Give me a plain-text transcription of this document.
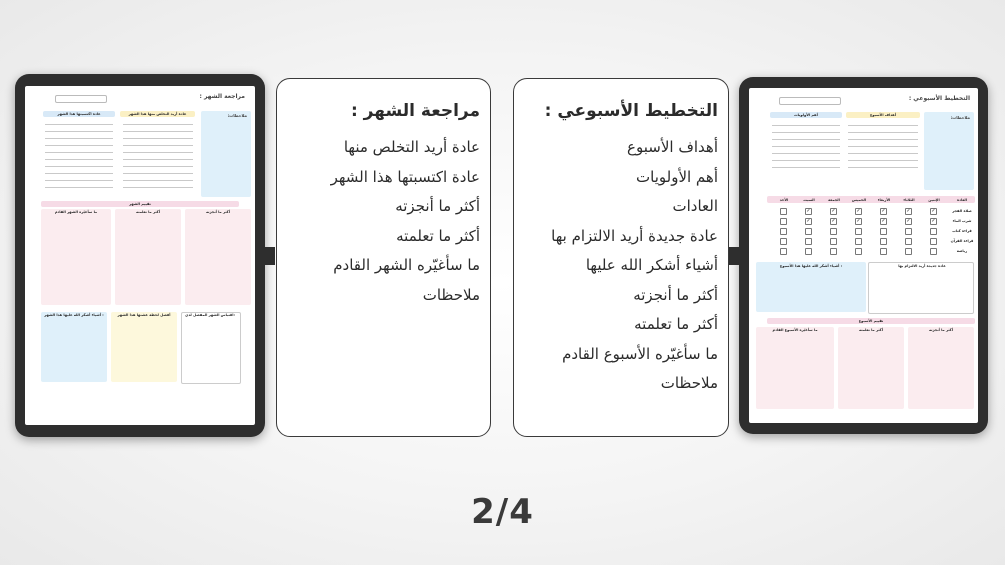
مراجعة الشهر :
ملاحظات:
عادة أريد التخلص منها هذا الشهر
عادة اكتسبتها هذا الشهر
تقييم الشهر
أكثر ما أنجزته
أكثر ما تعلمته
ما سأغيّره الشهر القادم
أشياء أشكر الله عليها هذا الشهر :	أفضل لحظة عشتها هذا الشهر	اقتباس الشهر المفضل لدي:
مراجعة الشهر :
عادة أريد التخلص منها
عادة اكتسبتها هذا الشهر
أكثر ما أنجزته
أكثر ما تعلمته
ما سأغيّره الشهر القادم
ملاحظات
التخطيط الأسبوعي :
أهداف الأسبوع
أهم الأولويات
العادات
عادة جديدة أريد الالتزام بها
أشياء أشكر الله عليها
أكثر ما أنجزته
أكثر ما تعلمته
ما سأغيّره الأسبوع القادم
ملاحظات
التخطيط الأسبوعي :
ملاحظات:
أهداف الأسبوع
أهم الأولويات
العادة
الإثنين
الثلاثاء
الأربعاء
الخميس
الجمعة
السبت
الأحد
صلاة الفجر
شرب الماء
قراءة كتاب
قراءة القرآن
رياضة
✓
✓
✓
✓
✓
✓
✓
✓
✓
✓
✓
✓
عادة جديدة أريد الالتزام بها
أشياء أشكر الله عليها هذا الأسبوع :
تقييم الأسبوع
أكثر ما أنجزته
أكثر ما تعلمته
ما سأغيّره الأسبوع القادم
2/4
